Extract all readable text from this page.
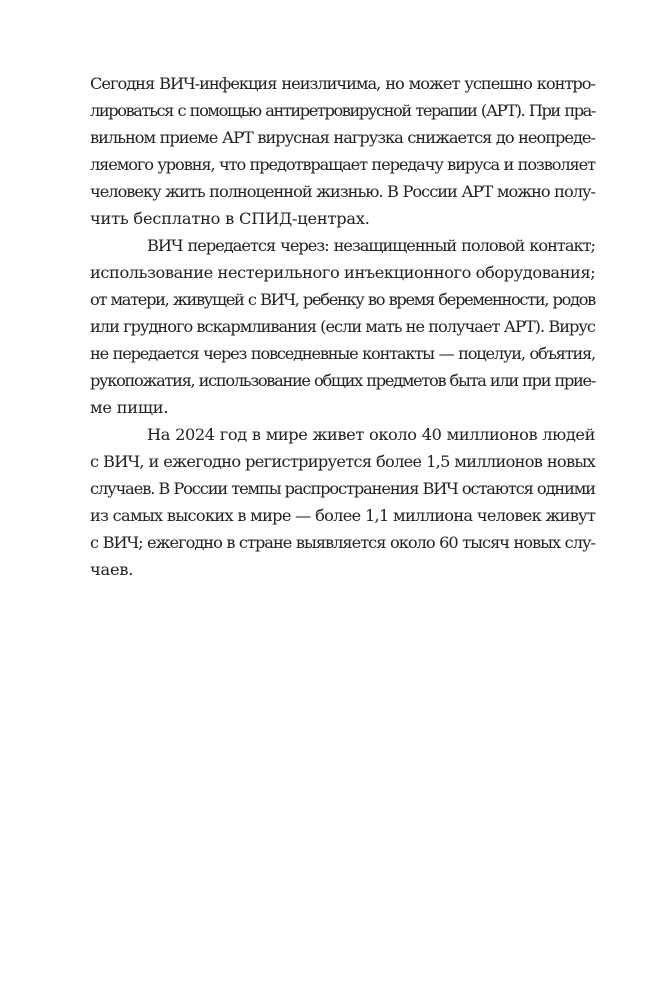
Сегодня ВИЧ-инфекция неизличима, но может успешно контро-
лироваться с помощью антиретровирусной терапии (АРТ). При пра-
вильном приеме АРТ вирусная нагрузка снижается до неопреде-
ляемого уровня, что предотвращает передачу вируса и позволяет
человеку жить полноценной жизнью. В России АРТ можно полу-
чить бесплатно в СПИД-центрах.
ВИЧ передается через: незащищенный половой контакт;
использование нестерильного инъекционного оборудования;
от матери, живущей с ВИЧ, ребенку во время беременности, родов
или грудного вскармливания (если мать не получает АРТ). Вирус
не передается через повседневные контакты — поцелуи, объятия,
рукопожатия, использование общих предметов быта или при прие-
ме пищи.
На 2024 год в мире живет около 40 миллионов людей
с ВИЧ, и ежегодно регистрируется более 1,5 миллионов новых
случаев. В России темпы распространения ВИЧ остаются одними
из самых высоких в мире — более 1,1 миллиона человек живут
с ВИЧ; ежегодно в стране выявляется около 60 тысяч новых слу-
чаев.
